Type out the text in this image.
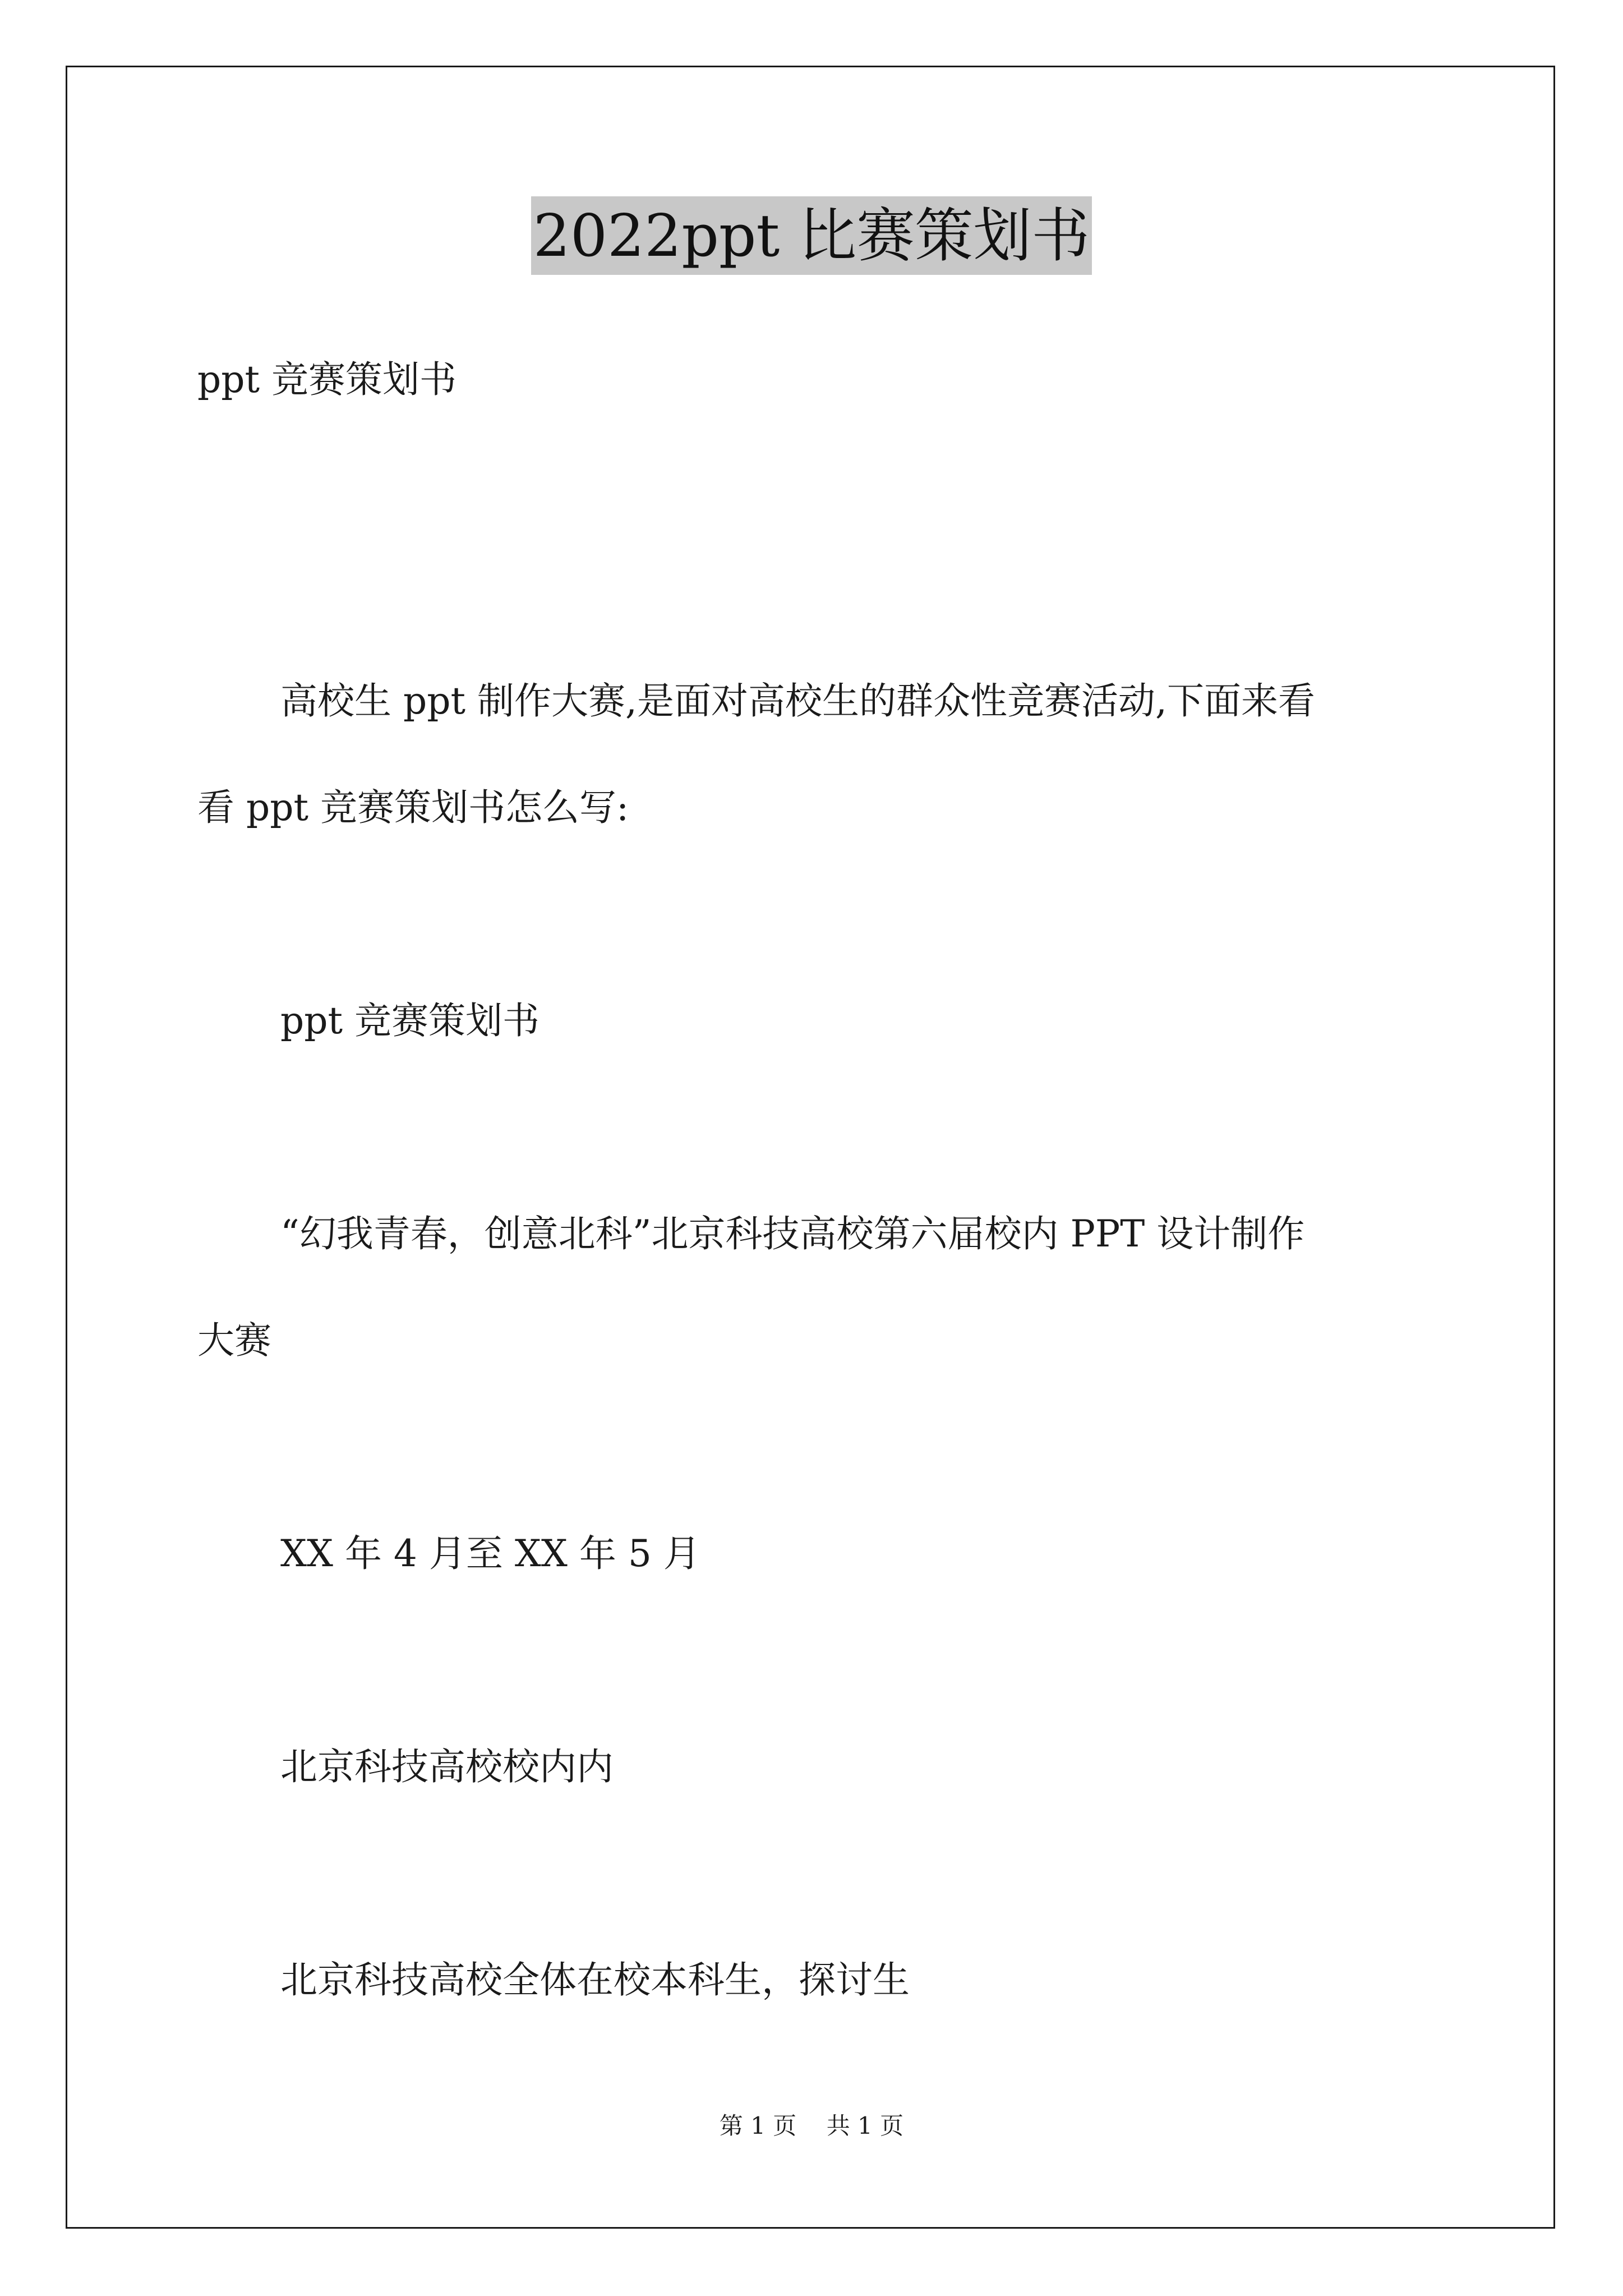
2022ppt 比赛策划书
ppt 竞赛策划书
高校生 ppt 制作大赛,是面对高校生的群众性竞赛活动,下面来看
看 ppt 竞赛策划书怎么写:
ppt 竞赛策划书
“幻我青春，创意北科”北京科技高校第六届校内 PPT 设计制作
大赛
XX 年 4 月至 XX 年 5 月
北京科技高校校内内
北京科技高校全体在校本科生，探讨生
第 1 页    共 1 页
